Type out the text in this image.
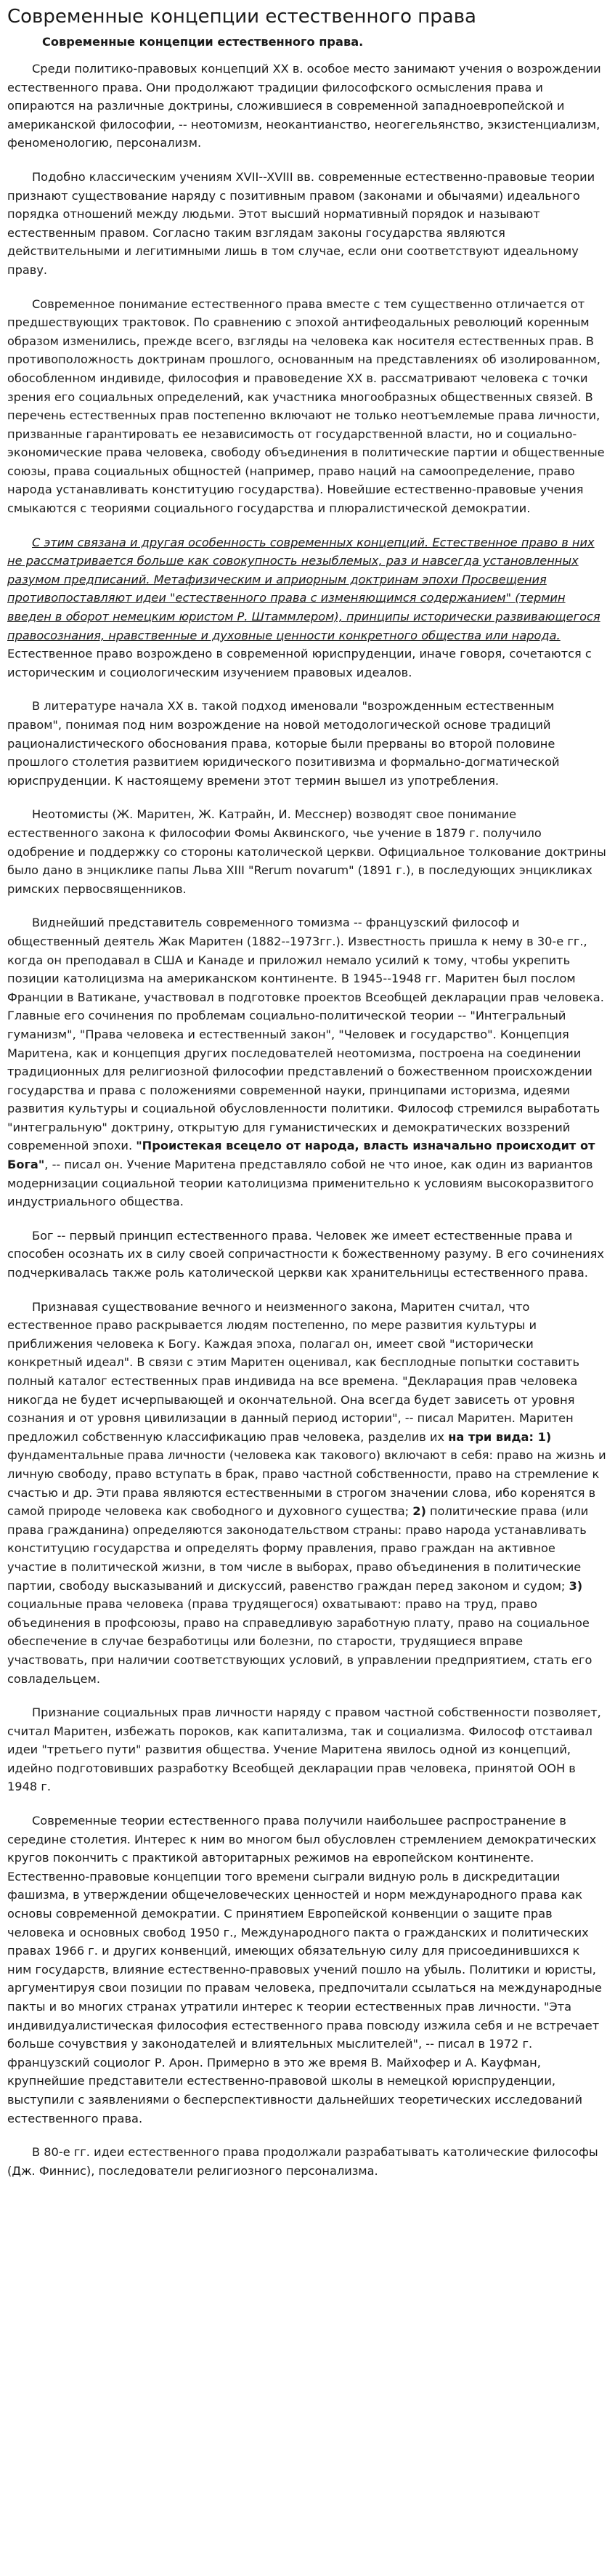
Современные концепции естественного права
Современные концепции естественного права.

Среди политико-правовых концепций XX в. особое место занимают учения о возрождении естественного права. Они продолжают традиции философского осмысления права и опираются на различные доктрины, сложившиеся в современной западноевропейской и американской философии, -- неотомизм, неокантианство, неогегельянство, экзистенциализм, феноменологию, персонализм.

Подобно классическим учениям XVII--XVIII вв. современные естественно-правовые теории признают существование наряду с позитивным правом (законами и обычаями) идеального порядка отношений между людьми. Этот высший нормативный порядок и называют естественным правом. Согласно таким взглядам законы государства являются действительными и легитимными лишь в том случае, если они соответствуют идеальному праву.

Современное понимание естественного права вместе с тем существенно отличается от предшествующих трактовок. По сравнению с эпохой антифеодальных революций коренным образом изменились, прежде всего, взгляды на человека как носителя естественных прав. В противоположность доктринам прошлого, основанным на представлениях об изолированном, обособленном индивиде, философия и правоведение XX в. рассматривают человека с точки зрения его социальных определений, как участника многообразных общественных связей. В перечень естественных прав постепенно включают не только неотъемлемые права личности, призванные гарантировать ее независимость от государственной власти, но и социально-экономические права человека, свободу объединения в политические партии и общественные союзы, права социальных общностей (например, право наций на самоопределение, право народа устанавливать конституцию государства). Новейшие естественно-правовые учения смыкаются с теориями социального государства и плюралистической демократии.

С этим связана и другая особенность современных концепций. Естественное право в них не рассматривается больше как совокупность незыблемых, раз и навсегда установленных разумом предписаний. Метафизическим и априорным доктринам эпохи Просвещения противопоставляют идеи "естественного права с изменяющимся содержанием" (термин введен в оборот немецким юристом Р. Штаммлером), принципы исторически развивающегося правосознания, нравственные и духовные ценности конкретного общества или народа. Естественное право возрождено в современной юриспруденции, иначе говоря, сочетаются с историческим и социологическим изучением правовых идеалов.

В литературе начала XX в. такой подход именовали "возрожденным естественным правом", понимая под ним возрождение на новой методологической основе традиций рационалистического обоснования права, которые были прерваны во второй половине прошлого столетия развитием юридического позитивизма и формально-догматической юриспруденции. К настоящему времени этот термин вышел из употребления.

Неотомисты (Ж. Маритен, Ж. Катрайн, И. Месснер) возводят свое понимание естественного закона к философии Фомы Аквинского, чье учение в 1879 г. получило одобрение и поддержку со стороны католической церкви. Официальное толкование доктрины было дано в энциклике папы Льва XIII "Rerum novarum" (1891 г.), в последующих энцикликах римских первосвященников.

Виднейший представитель современного томизма -- французский философ и общественный деятель Жак Маритен (1882--1973гг.). Известность пришла к нему в 30-е гг., когда он преподавал в США и Канаде и приложил немало усилий к тому, чтобы укрепить позиции католицизма на американском континенте. В 1945--1948 гг. Маритен был послом Франции в Ватикане, участвовал в подготовке проектов Всеобщей декларации прав человека. Главные его сочинения по проблемам социально-политической теории -- "Интегральный гуманизм", "Права человека и естественный закон", "Человек и государство". Концепция Маритена, как и концепция других последователей неотомизма, построена на соединении традиционных для религиозной философии представлений о божественном происхождении государства и права с положениями современной науки, принципами историзма, идеями развития культуры и социальной обусловленности политики. Философ стремился выработать "интегральную" доктрину, открытую для гуманистических и демократических воззрений современной эпохи. "Проистекая всецело от народа, власть изначально происходит от Бога", -- писал он. Учение Маритена представляло собой не что иное, как один из вариантов модернизации социальной теории католицизма применительно к условиям высокоразвитого индустриального общества.

Бог -- первый принцип естественного права. Человек же имеет естественные права и способен осознать их в силу своей сопричастности к божественному разуму. В его сочинениях подчеркивалась также роль католической церкви как хранительницы естественного права.

Признавая существование вечного и неизменного закона, Маритен считал, что естественное право раскрывается людям постепенно, по мере развития культуры и приближения человека к Богу. Каждая эпоха, полагал он, имеет свой "исторически конкретный идеал". В связи с этим Маритен оценивал, как бесплодные попытки составить полный каталог естественных прав индивида на все времена. "Декларация прав человека никогда не будет исчерпывающей и окончательной. Она всегда будет зависеть от уровня сознания и от уровня цивилизации в данный период истории", -- писал Маритен. Маритен предложил собственную классификацию прав человека, разделив их на три вида: 1) фундаментальные права личности (человека как такового) включают в себя: право на жизнь и личную свободу, право вступать в брак, право частной собственности, право на стремление к счастью и др. Эти права являются естественными в строгом значении слова, ибо коренятся в самой природе человека как свободного и духовного существа; 2) политические права (или права гражданина) определяются законодательством страны: право народа устанавливать конституцию государства и определять форму правления, право граждан на активное участие в политической жизни, в том числе в выборах, право объединения в политические партии, свободу высказываний и дискуссий, равенство граждан перед законом и судом; 3) социальные права человека (права трудящегося) охватывают: право на труд, право объединения в профсоюзы, право на справедливую заработную плату, право на социальное обеспечение в случае безработицы или болезни, по старости, трудящиеся вправе участвовать, при наличии соответствующих условий, в управлении предприятием, стать его совладельцем.

Признание социальных прав личности наряду с правом частной собственности позволяет, считал Маритен, избежать пороков, как капитализма, так и социализма. Философ отстаивал идеи "третьего пути" развития общества. Учение Маритена явилось одной из концепций, идейно подготовивших разработку Всеобщей декларации прав человека, принятой ООН в 1948 г.

Современные теории естественного права получили наибольшее распространение в середине столетия. Интерес к ним во многом был обусловлен стремлением демократических кругов покончить с практикой авторитарных режимов на европейском континенте. Естественно-правовые концепции того времени сыграли видную роль в дискредитации фашизма, в утверждении общечеловеческих ценностей и норм международного права как основы современной демократии. С принятием Европейской конвенции о защите прав человека и основных свобод 1950 г., Международного пакта о гражданских и политических правах 1966 г. и других конвенций, имеющих обязательную силу для присоединившихся к ним государств, влияние естественно-правовых учений пошло на убыль. Политики и юристы, аргументируя свои позиции по правам человека, предпочитали ссылаться на международные пакты и во многих странах утратили интерес к теории естественных прав личности. "Эта индивидуалистическая философия естественного права повсюду изжила себя и не встречает больше сочувствия у законодателей и влиятельных мыслителей", -- писал в 1972 г. французский социолог Р. Арон. Примерно в это же время В. Майхофер и А. Кауфман, крупнейшие представители естественно-правовой школы в немецкой юриспруденции, выступили с заявлениями о бесперспективности дальнейших теоретических исследований естественного права.

В 80-е гг. идеи естественного права продолжали разрабатывать католические философы (Дж. Финнис), последователи религиозного персонализма.
